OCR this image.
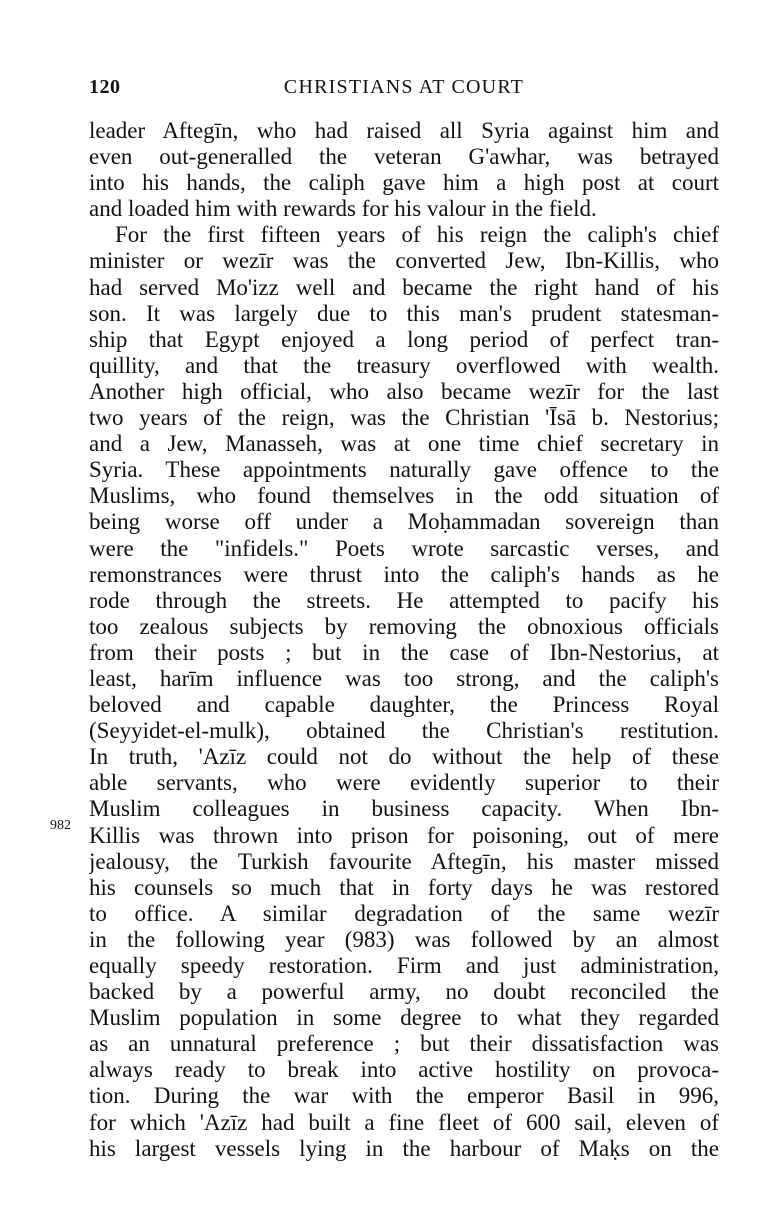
120	CHRISTIANS AT COURT
leader Aftegīn, who had raised all Syria against him and
even out-generalled the veteran G'awhar, was betrayed
into his hands, the caliph gave him a high post at court
and loaded him with rewards for his valour in the field.
For the first fifteen years of his reign the caliph's chief
minister or wezīr was the converted Jew, Ibn-Killis, who
had served Mo'izz well and became the right hand of his
son. It was largely due to this man's prudent statesman-
ship that Egypt enjoyed a long period of perfect tran-
quillity, and that the treasury overflowed with wealth.
Another high official, who also became wezīr for the last
two years of the reign, was the Christian 'Īsā b. Nestorius;
and a Jew, Manasseh, was at one time chief secretary in
Syria. These appointments naturally gave offence to the
Muslims, who found themselves in the odd situation of
being worse off under a Moḥammadan sovereign than
were the "infidels." Poets wrote sarcastic verses, and
remonstrances were thrust into the caliph's hands as he
rode through the streets. He attempted to pacify his
too zealous subjects by removing the obnoxious officials
from their posts ; but in the case of Ibn-Nestorius, at
least, harīm influence was too strong, and the caliph's
beloved and capable daughter, the Princess Royal
(Seyyidet-el-mulk), obtained the Christian's restitution.
In truth, 'Azīz could not do without the help of these
able servants, who were evidently superior to their
Muslim colleagues in business capacity. When Ibn-
Killis was thrown into prison for poisoning, out of mere
jealousy, the Turkish favourite Aftegīn, his master missed
his counsels so much that in forty days he was restored
to office. A similar degradation of the same wezīr
in the following year (983) was followed by an almost
equally speedy restoration. Firm and just administration,
backed by a powerful army, no doubt reconciled the
Muslim population in some degree to what they regarded
as an unnatural preference ; but their dissatisfaction was
always ready to break into active hostility on provoca-
tion. During the war with the emperor Basil in 996,
for which 'Azīz had built a fine fleet of 600 sail, eleven of
his largest vessels lying in the harbour of Maḳs on the
982
